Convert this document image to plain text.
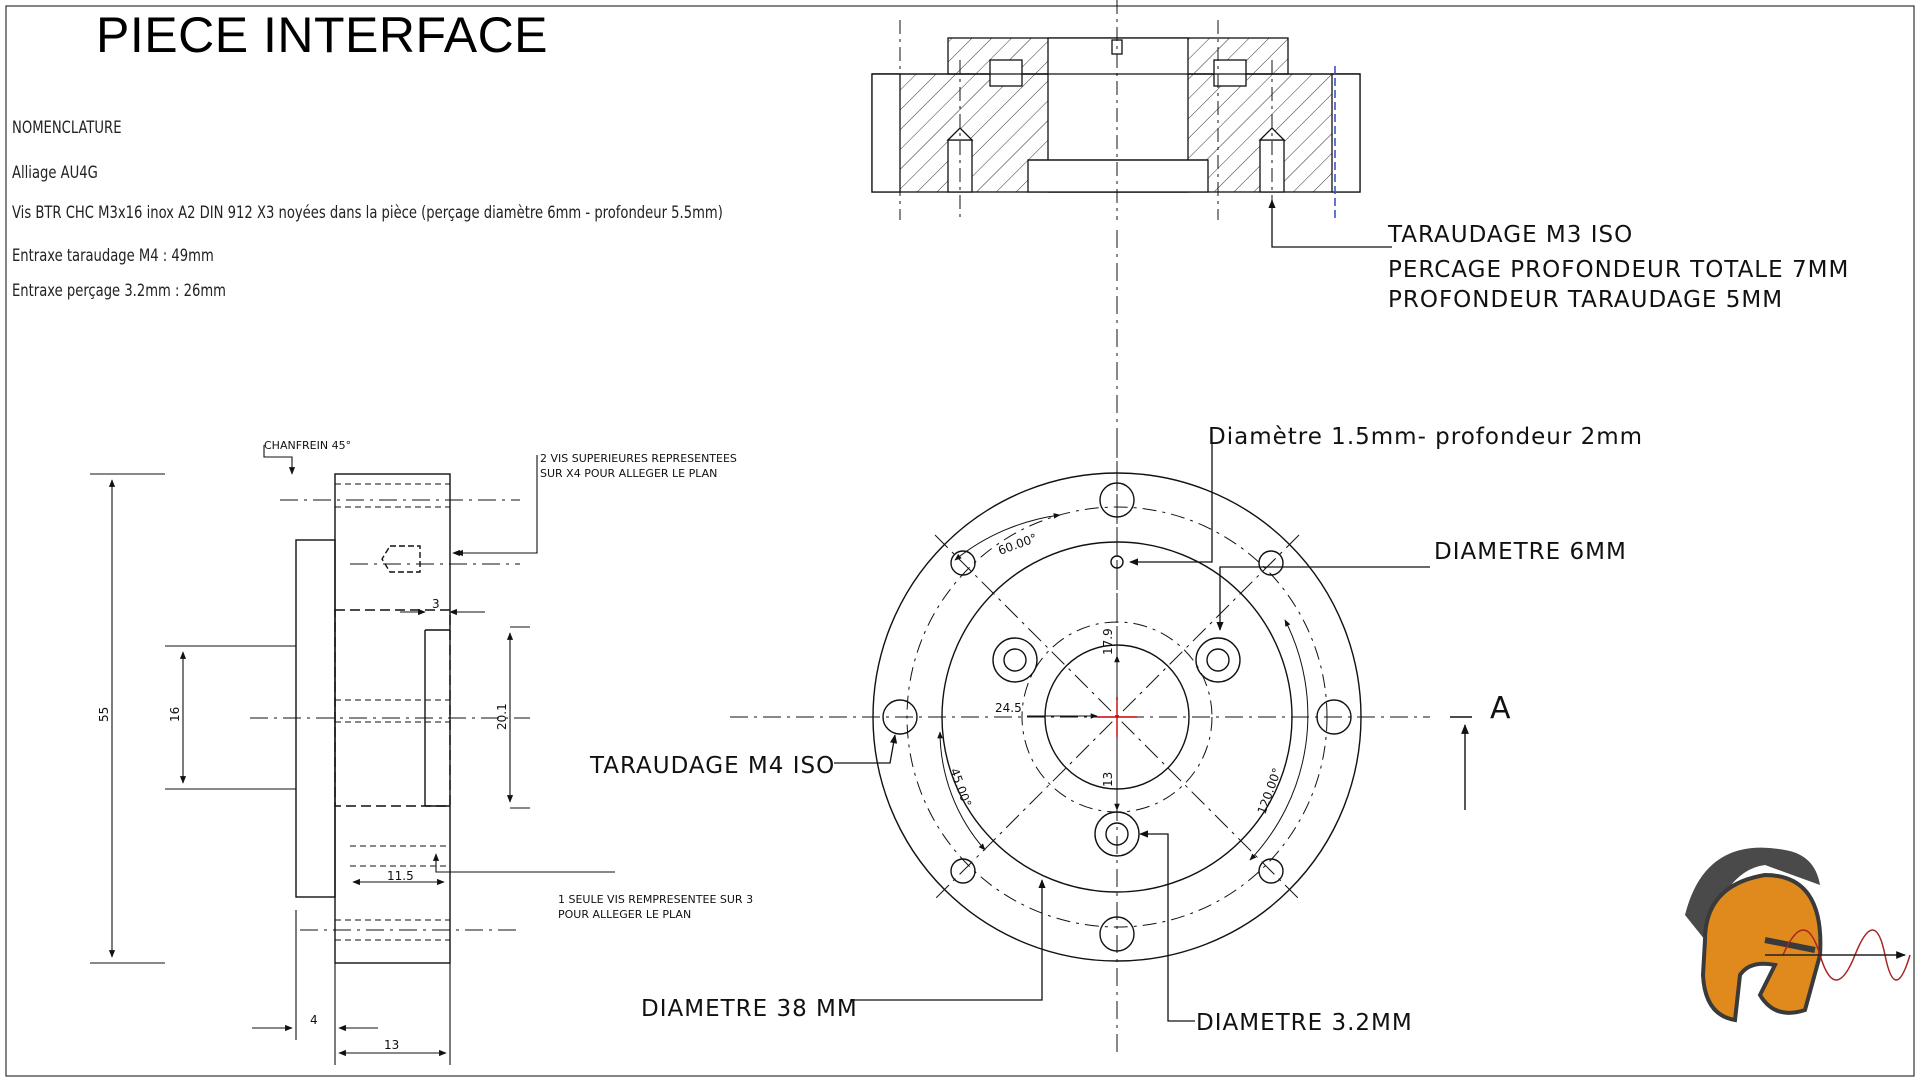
PIECE INTERFACE
NOMENCLATURE
Alliage AU4G
Vis BTR CHC M3x16 inox A2 DIN 912 X3 noyées dans la pièce (perçage diamètre 6mm - profondeur 5.5mm)
Entraxe taraudage M4 : 49mm
Entraxe perçage 3.2mm : 26mm
TARAUDAGE M3 ISO
PERCAGE PROFONDEUR TOTALE 7MM
PROFONDEUR TARAUDAGE 5MM
55	16	20.1
3
11.5
4
13
CHANFREIN 45°
2 VIS SUPERIEURES REPRESENTEES
SUR X4 POUR ALLEGER LE PLAN
1 SEULE VIS REMPRESENTEE SUR 3
POUR ALLEGER LE PLAN
A
60.00°
45.00°	120.00°
17.9
24.5
13
Diamètre 1.5mm- profondeur 2mm
DIAMETRE 6MM
TARAUDAGE M4 ISO
DIAMETRE 38 MM
DIAMETRE 3.2MM
